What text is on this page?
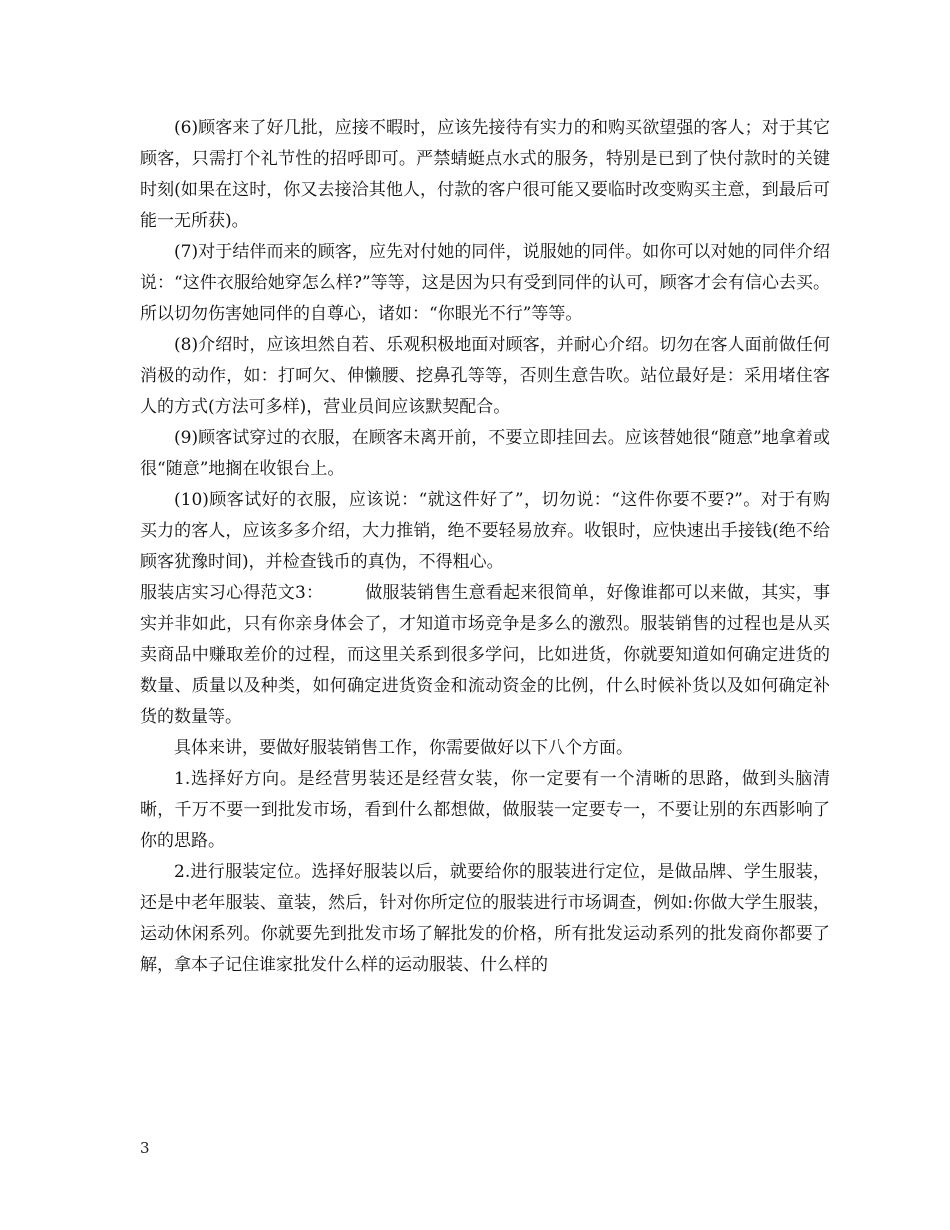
(6)顾客来了好几批，应接不暇时，应该先接待有实力的和购买欲望强的客人；对于其它顾客，只需打个礼节性的招呼即可。严禁蜻蜓点水式的服务，特别是已到了快付款时的关键时刻(如果在这时，你又去接洽其他人，付款的客户很可能又要临时改变购买主意，到最后可能一无所获)。

(7)对于结伴而来的顾客，应先对付她的同伴，说服她的同伴。如你可以对她的同伴介绍说：“这件衣服给她穿怎么样?”等等，这是因为只有受到同伴的认可，顾客才会有信心去买。所以切勿伤害她同伴的自尊心，诸如：“你眼光不行”等等。

(8)介绍时，应该坦然自若、乐观积极地面对顾客，并耐心介绍。切勿在客人面前做任何消极的动作，如：打呵欠、伸懒腰、挖鼻孔等等，否则生意告吹。站位最好是：采用堵住客人的方式(方法可多样)，营业员间应该默契配合。

(9)顾客试穿过的衣服，在顾客未离开前，不要立即挂回去。应该替她很“随意”地拿着或很“随意”地搁在收银台上。

(10)顾客试好的衣服，应该说：“就这件好了”，切勿说：“这件你要不要?”。对于有购买力的客人，应该多多介绍，大力推销，绝不要轻易放弃。收银时，应快速出手接钱(绝不给顾客犹豫时间)，并检查钱币的真伪，不得粗心。

服装店实习心得范文3： 做服装销售生意看起来很简单，好像谁都可以来做，其实，事实并非如此，只有你亲身体会了，才知道市场竞争是多么的激烈。服装销售的过程也是从买卖商品中赚取差价的过程，而这里关系到很多学问，比如进货，你就要知道如何确定进货的数量、质量以及种类，如何确定进货资金和流动资金的比例，什么时候补货以及如何确定补货的数量等。

具体来讲，要做好服装销售工作，你需要做好以下八个方面。

1.选择好方向。是经营男装还是经营女装，你一定要有一个清晰的思路，做到头脑清晰，千万不要一到批发市场，看到什么都想做，做服装一定要专一，不要让别的东西影响了你的思路。

2.进行服装定位。选择好服装以后，就要给你的服装进行定位，是做品牌、学生服装，还是中老年服装、童装，然后，针对你所定位的服装进行市场调查，例如:你做大学生服装，运动休闲系列。你就要先到批发市场了解批发的价格，所有批发运动系列的批发商你都要了解，拿本子记住谁家批发什么样的运动服装、什么样的

3
